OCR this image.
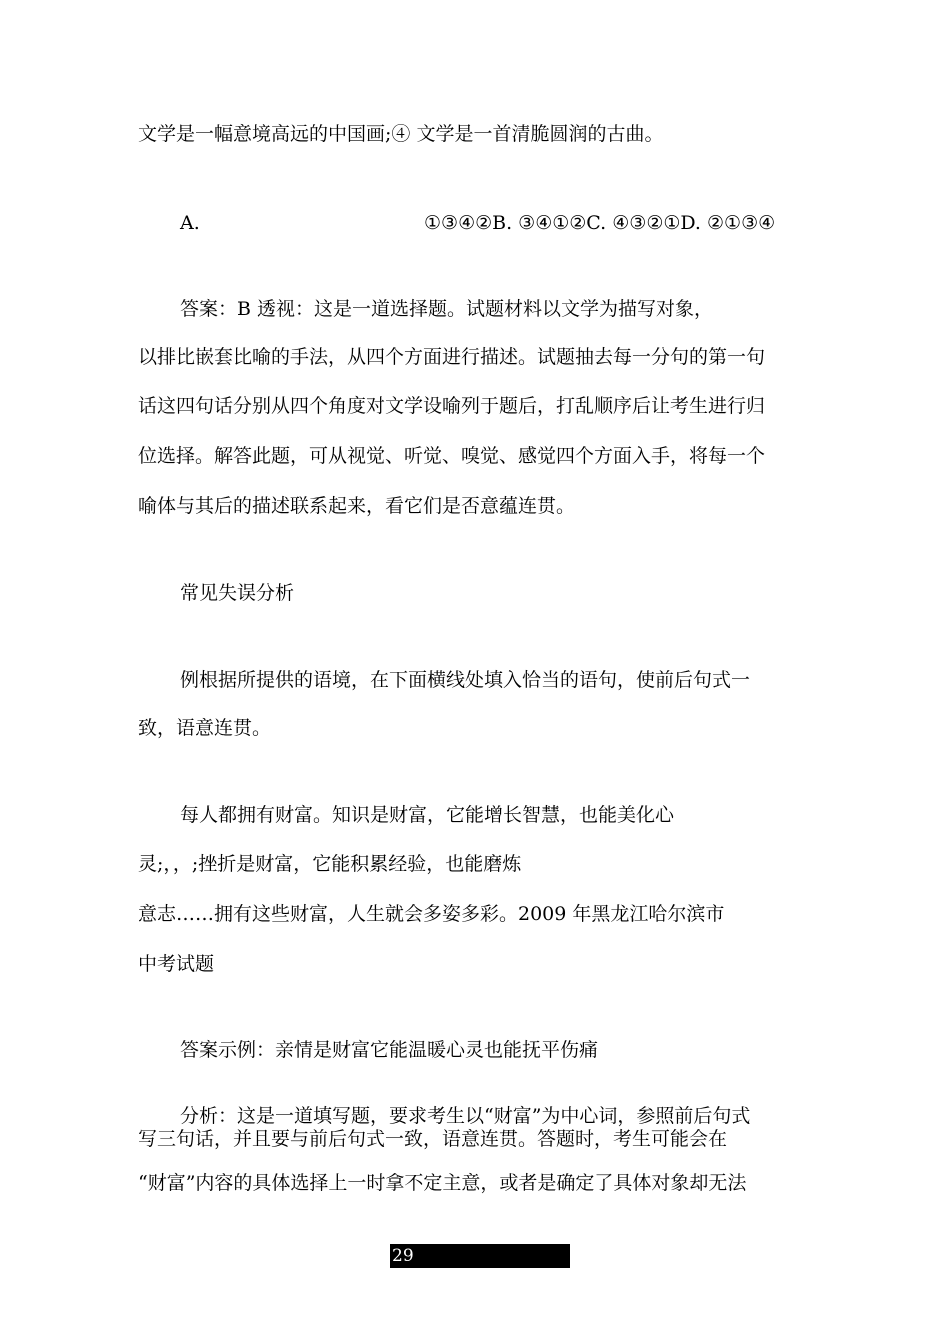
文学是一幅意境高远的中国画;④ 文学是一首清脆圆润的古曲。
A.	①③④②B. ③④①②C. ④③②①D. ②①③④
答案：B 透视：这是一道选择题。试题材料以文学为描写对象，
以排比嵌套比喻的手法，从四个方面进行描述。试题抽去每一分句的第一句
话这四句话分别从四个角度对文学设喻列于题后，打乱顺序后让考生进行归
位选择。解答此题，可从视觉、听觉、嗅觉、感觉四个方面入手，将每一个
喻体与其后的描述联系起来，看它们是否意蕴连贯。
常见失误分析
例根据所提供的语境，在下面横线处填入恰当的语句，使前后句式一
致，语意连贯。
每人都拥有财富。知识是财富，它能增长智慧，也能美化心
灵;，，;挫折是财富，它能积累经验，也能磨炼
意志……拥有这些财富，人生就会多姿多彩。2009 年黑龙江哈尔滨市
中考试题
答案示例：亲情是财富它能温暖心灵也能抚平伤痛
分析：这是一道填写题，要求考生以“财富”为中心词，参照前后句式
写三句话，并且要与前后句式一致，语意连贯。答题时，考生可能会在
“财富”内容的具体选择上一时拿不定主意，或者是确定了具体对象却无法
29
